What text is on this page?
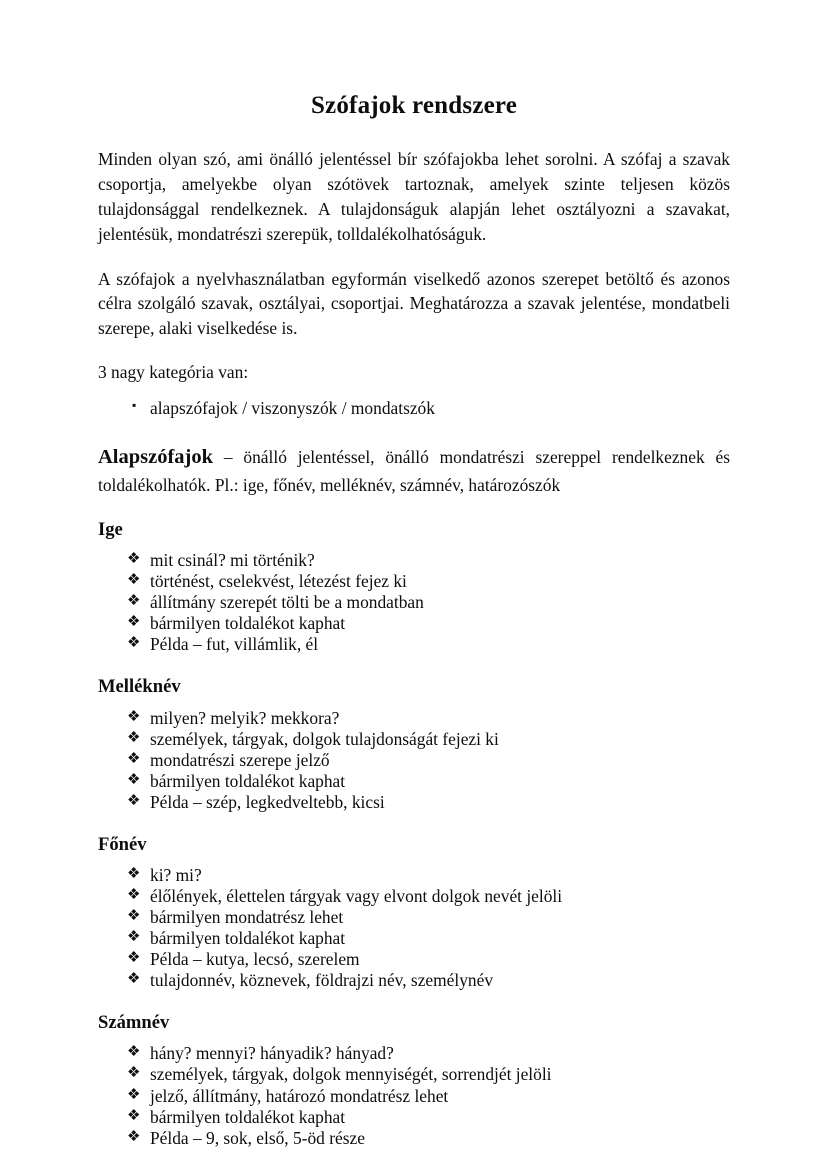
Szófajok rendszere

Minden olyan szó, ami önálló jelentéssel bír szófajokba lehet sorolni. A szófaj a szavak csoportja, amelyekbe olyan szótövek tartoznak, amelyek szinte teljesen közös tulajdonsággal rendelkeznek. A tulajdonságuk alapján lehet osztályozni a szavakat, jelentésük, mondatrészi szerepük, tolldalékolhatóságuk.

A szófajok a nyelvhasználatban egyformán viselkedő azonos szerepet betöltő és azonos célra szolgáló szavak, osztályai, csoportjai. Meghatározza a szavak jelentése, mondatbeli szerepe, alaki viselkedése is.

3 nagy kategória van:

▪ alapszófajok / viszonyszók / mondatszók

Alapszófajok – önálló jelentéssel, önálló mondatrészi szereppel rendelkeznek és toldalékolhatók. Pl.: ige, főnév, melléknév, számnév, határozószók

Ige
❖ mit csinál? mi történik?
❖ történést, cselekvést, létezést fejez ki
❖ állítmány szerepét tölti be a mondatban
❖ bármilyen toldalékot kaphat
❖ Példa – fut, villámlik, él
Melléknév
❖ milyen? melyik? mekkora?
❖ személyek, tárgyak, dolgok tulajdonságát fejezi ki
❖ mondatrészi szerepe jelző
❖ bármilyen toldalékot kaphat
❖ Példa – szép, legkedveltebb, kicsi
Főnév
❖ ki? mi?
❖ élőlények, élettelen tárgyak vagy elvont dolgok nevét jelöli
❖ bármilyen mondatrész lehet
❖ bármilyen toldalékot kaphat
❖ Példa – kutya, lecsó, szerelem
❖ tulajdonnév, köznevek, földrajzi név, személynév
Számnév
❖ hány? mennyi? hányadik? hányad?
❖ személyek, tárgyak, dolgok mennyiségét, sorrendjét jelöli
❖ jelző, állítmány, határozó mondatrész lehet
❖ bármilyen toldalékot kaphat
❖ Példa – 9, sok, első, 5-öd része
